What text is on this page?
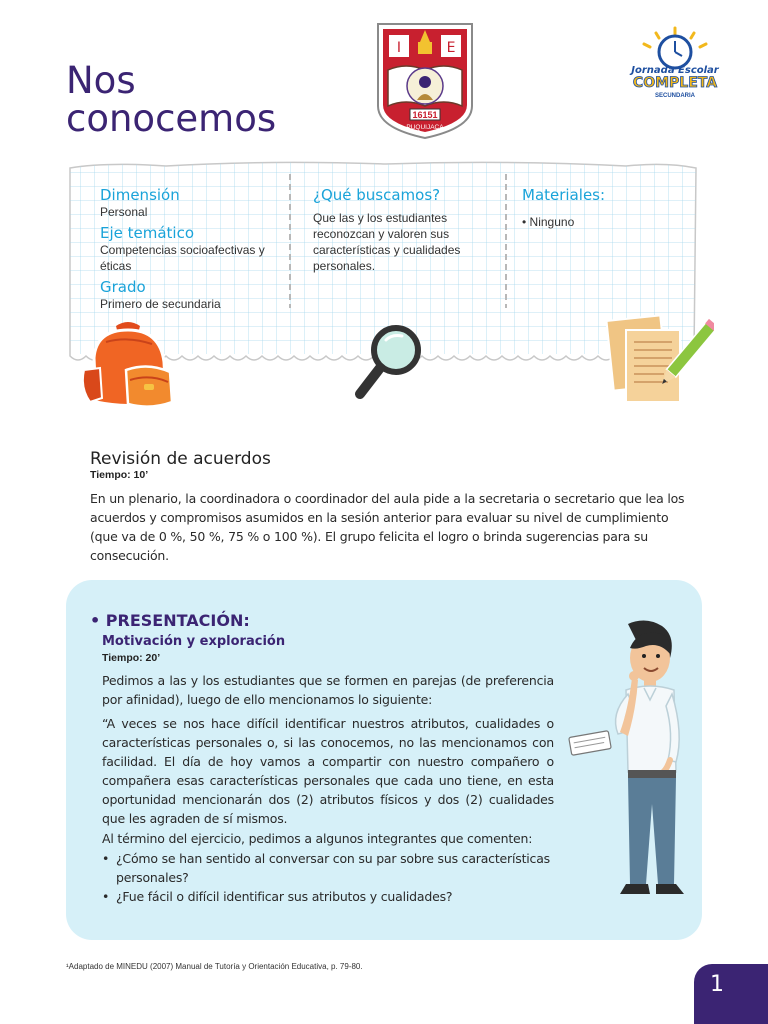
Nos
conocemos
I	E
16151
PUQUIJACA
Jornada Escolar
COMPLETA
SECUNDARIA

Dimensión

Personal

Eje temático

Competencias socioafectivas y éticas

Grado

Primero de secundaria

¿Qué buscamos?

Que las y los estudiantes reconozcan y valoren sus características y cualidades personales.

Materiales:

• Ninguno

Revisión de acuerdos
Tiempo: 10’

En un plenario, la coordinadora o coordinador del aula pide a la secretaria o secretario que lea los acuerdos y compromisos asumidos en la sesión anterior para evaluar su nivel de cumplimiento (que va de 0 %, 50 %, 75 % o 100 %). El grupo felicita el logro o brinda sugerencias para su consecución.

• PRESENTACIÓN:
Motivación y exploración
Tiempo: 20’

Pedimos a las y los estudiantes que se formen en parejas (de preferencia por afinidad), luego de ello mencionamos lo siguiente:

“A veces se nos hace difícil identificar nuestros atributos, cualidades o características personales o, si las conocemos, no las mencionamos con facilidad. El día de hoy vamos a compartir con nuestro compañero o compañera esas características personales que cada uno tiene, en esta oportunidad mencionarán dos (2) atributos físicos y dos (2) cualidades que les agraden de sí mismos.

Al término del ejercicio, pedimos a algunos integrantes que comenten:

• ¿Cómo se han sentido al conversar con su par sobre sus características personales?
• ¿Fue fácil o difícil identificar sus atributos y cualidades?
¹Adaptado de MINEDU (2007) Manual de Tutoría y Orientación Educativa, p. 79-80.
1
